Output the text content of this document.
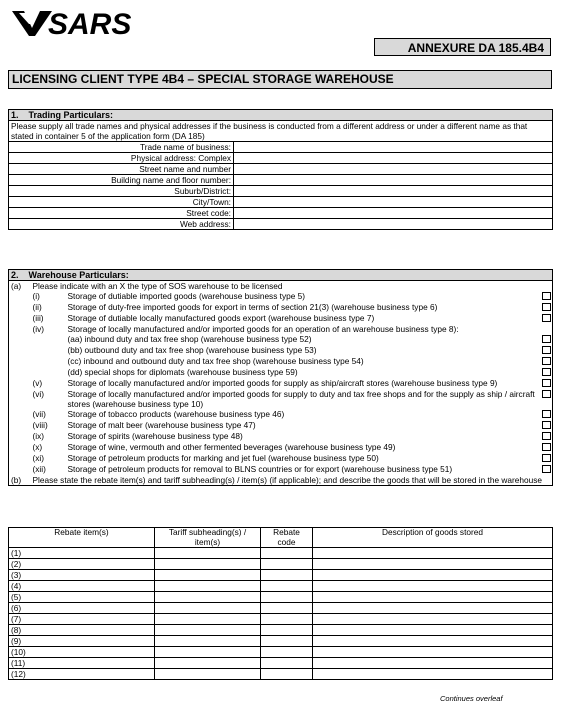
SARS
ANNEXURE DA 185.4B4
LICENSING CLIENT TYPE 4B4 – SPECIAL STORAGE WAREHOUSE
1. Trading Particulars:	
Please supply all trade names and physical addresses if the business is conducted from a different address or under a different name as that stated in container 5 of the application form (DA 185)	
Trade name of business:	
Physical address: Complex	
Street name and number	
Building name and floor number:	
Suburb/District:	
City/Town:	
Street code:	
Web address:	
2. Warehouse Particulars:			
(a)	Please indicate with an X the type of SOS warehouse to be licensed		
	(i)	Storage of dutiable imported goods (warehouse business type 5)	
	(ii)	Storage of duty-free imported goods for export in terms of section 21(3) (warehouse business type 6)	
	(iii)	Storage of dutiable locally manufactured goods export (warehouse business type 7)	
	(iv)	Storage of locally manufactured and/or imported goods for an operation of an warehouse business type 8):	
		(aa) inbound duty and tax free shop (warehouse business type 52)	
		(bb) outbound duty and tax free shop (warehouse business type 53)	
		(cc) inbound and outbound duty and tax free shop (warehouse business type 54)	
		(dd) special shops for diplomats (warehouse business type 59)	
	(v)	Storage of locally manufactured and/or imported goods for supply as ship/aircraft stores (warehouse business type 9)	
	(vi)	Storage of locally manufactured and/or imported goods for supply to duty and tax free shops and for the supply as ship / aircraft stores (warehouse business type 10)	
	(vii)	Storage of tobacco products (warehouse business type 46)	
	(viii)	Storage of malt beer (warehouse business type 47)	
	(ix)	Storage of spirits (warehouse business type 48)	
	(x)	Storage of wine, vermouth and other fermented beverages (warehouse business type 49)	
	(xi)	Storage of petroleum products for marking and jet fuel (warehouse business type 50)	
	(xii)	Storage of petroleum products for removal to BLNS countries or for export (warehouse business type 51)	
(b)	Please state the rebate item(s) and tariff subheading(s) / item(s) (if applicable); and describe the goods that will be stored in the warehouse		
Rebate item(s)	Tariff subheading(s) / item(s)	Rebate code	Description of goods stored
(1)			
(2)			
(3)			
(4)			
(5)			
(6)			
(7)			
(8)			
(9)			
(10)			
(11)			
(12)			
Continues overleaf
